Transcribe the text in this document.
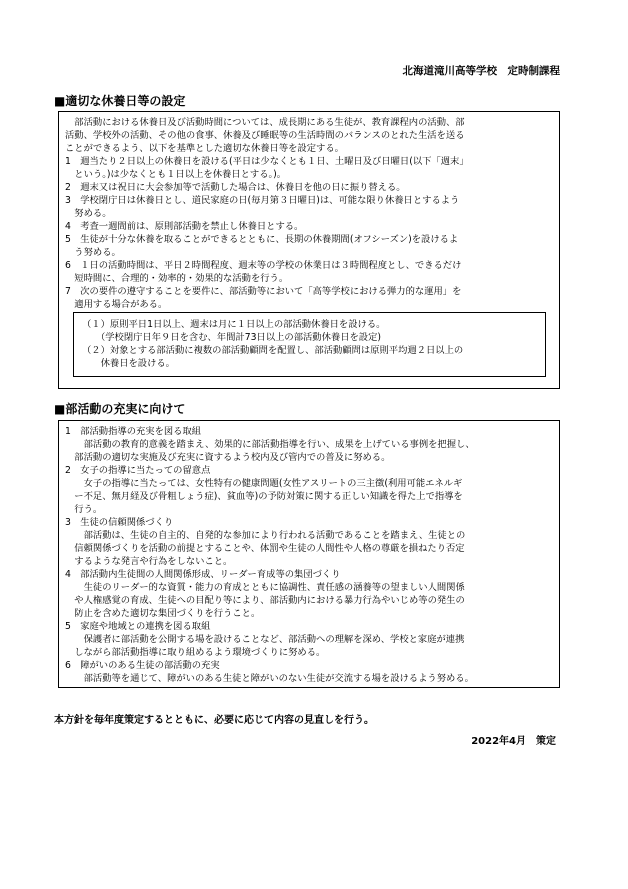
北海道滝川高等学校　定時制課程
■適切な休養日等の設定
　部活動における休養日及び活動時間については、成長期にある生徒が、教育課程内の活動、部
活動、学校外の活動、その他の食事、休養及び睡眠等の生活時間のバランスのとれた生活を送る
ことができるよう、以下を基準とした適切な休養日等を設定する。
1　週当たり２日以上の休養日を設ける(平日は少なくとも１日、土曜日及び日曜日(以下「週末」
　という。)は少なくとも１日以上を休養日とする。)。
2　週末又は祝日に大会参加等で活動した場合は、休養日を他の日に振り替える。
3　学校閉庁日は休養日とし、道民家庭の日(毎月第３日曜日)は、可能な限り休養日とするよう
　努める。
4　考査一週間前は、原則部活動を禁止し休養日とする。
5　生徒が十分な休養を取ることができるとともに、長期の休養期間(オフシーズン)を設けるよ
　う努める。
6　１日の活動時間は、平日２時間程度、週末等の学校の休業日は３時間程度とし、できるだけ
　短時間に、合理的・効率的・効果的な活動を行う。
7　次の要件の遵守することを要件に、部活動等において「高等学校における弾力的な運用」を
　適用する場合がある。
（１）原則平日1日以上、週末は月に１日以上の部活動休養日を設ける。
　　（学校閉庁日年９日を含む、年間計73日以上の部活動休養日を設定)
（２）対象とする部活動に複数の部活動顧問を配置し、部活動顧問は原則平均週２日以上の
　　休養日を設ける。
■部活動の充実に向けて
1　部活動指導の充実を図る取組
　　部活動の教育的意義を踏まえ、効果的に部活動指導を行い、成果を上げている事例を把握し、
　部活動の適切な実施及び充実に資するよう校内及び管内での普及に努める。
2　女子の指導に当たっての留意点
　　女子の指導に当たっては、女性特有の健康問題(女性アスリートの三主徴(利用可能エネルギ
　ー不足、無月経及び骨粗しょう症)、貧血等)の予防対策に関する正しい知識を得た上で指導を
　行う。
3　生徒の信頼関係づくり
　　部活動は、生徒の自主的、自発的な参加により行われる活動であることを踏まえ、生徒との
　信頼関係づくりを活動の前提とすることや、体罰や生徒の人間性や人格の尊厳を損ねたり否定
　するような発言や行為をしないこと。
4　部活動内生徒間の人間関係形成、リーダー育成等の集団づくり
　　生徒のリーダー的な資質・能力の育成とともに協調性、責任感の涵養等の望ましい人間関係
　や人権感覚の育成、生徒への目配り等により、部活動内における暴力行為やいじめ等の発生の
　防止を含めた適切な集団づくりを行うこと。
5　家庭や地域との連携を図る取組
　　保護者に部活動を公開する場を設けることなど、部活動への理解を深め、学校と家庭が連携
　しながら部活動指導に取り組めるよう環境づくりに努める。
6　障がいのある生徒の部活動の充実
　　部活動等を通じて、障がいのある生徒と障がいのない生徒が交流する場を設けるよう努める。
本方針を毎年度策定するとともに、必要に応じて内容の見直しを行う。
2022年4月　策定
